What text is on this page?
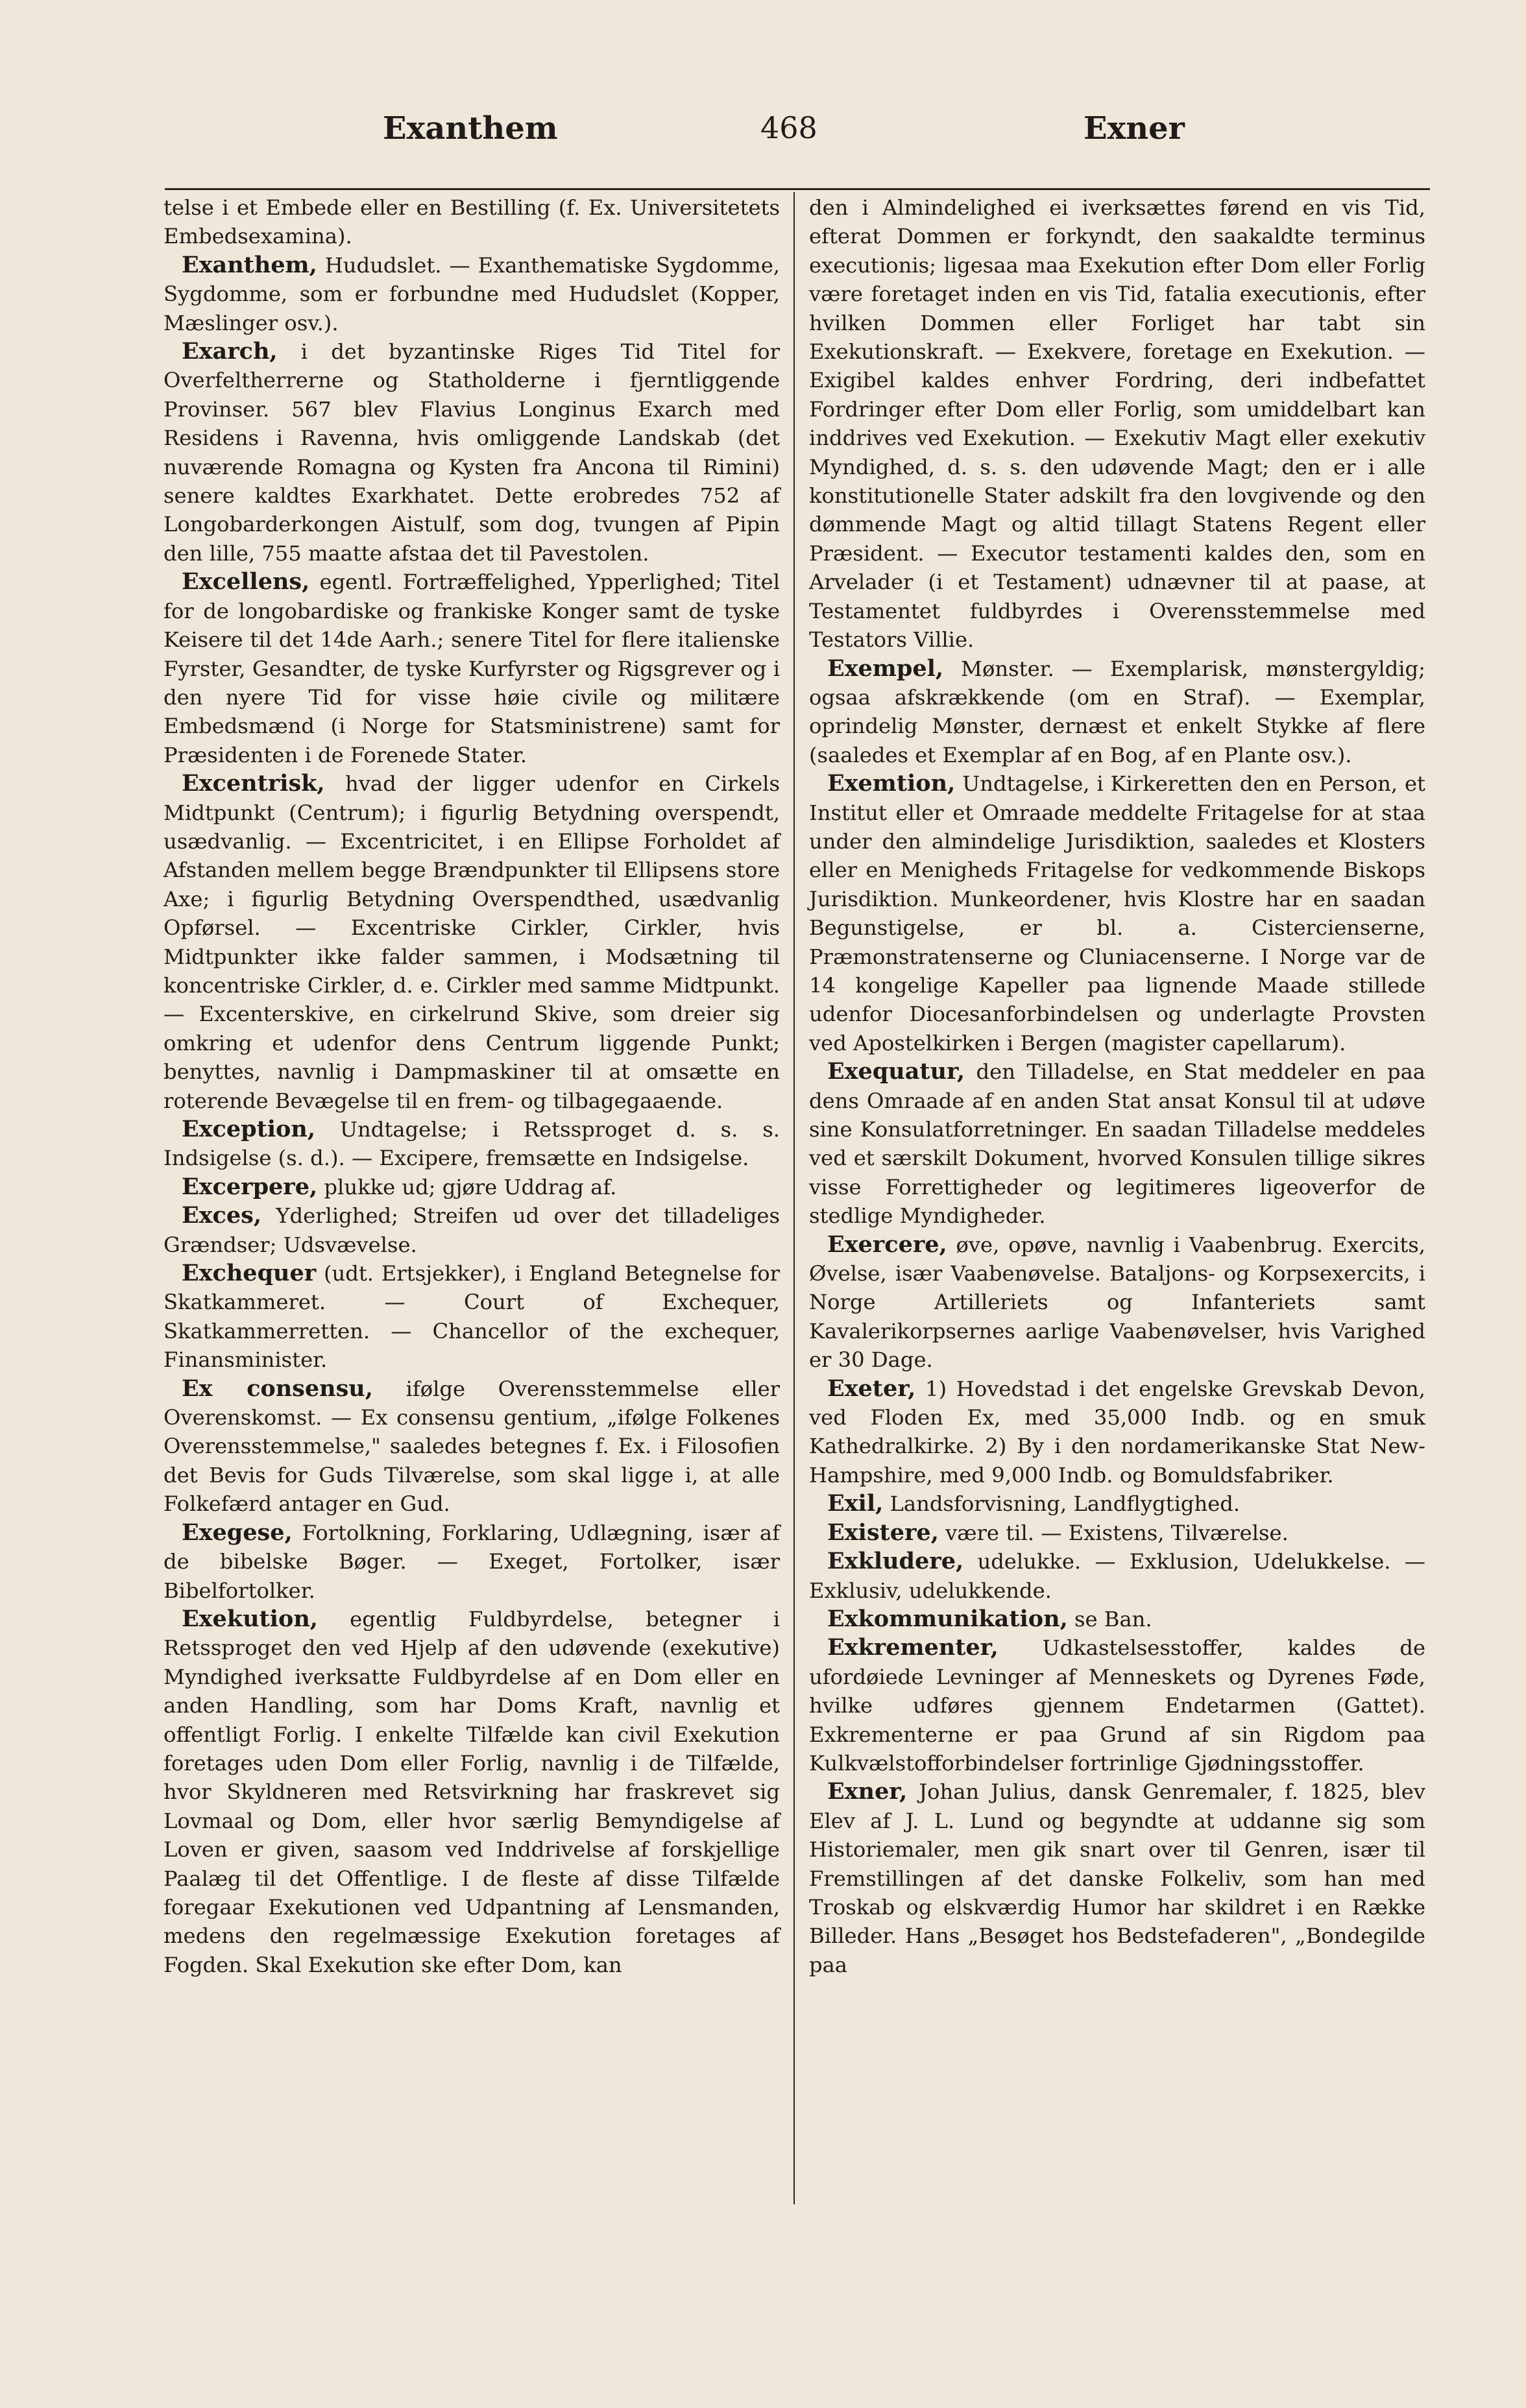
Exanthem	468	Exner

telse i et Embede eller en Bestilling (f. Ex. Universitetets Embedsexamina).

Exanthem, Hududslet. — Exanthematiske Sygdomme, Sygdomme, som er forbundne med Hududslet (Kopper, Mæslinger osv.).

Exarch, i det byzantinske Riges Tid Titel for Overfeltherrerne og Statholderne i fjerntliggende Provinser. 567 blev Flavius Longinus Exarch med Residens i Ravenna, hvis omliggende Landskab (det nuværende Romagna og Kysten fra Ancona til Rimini) senere kaldtes Exarkhatet. Dette erobredes 752 af Longobarderkongen Aistulf, som dog, tvungen af Pipin den lille, 755 maatte afstaa det til Pavestolen.

Excellens, egentl. Fortræffelighed, Ypperlighed; Titel for de longobardiske og frankiske Konger samt de tyske Keisere til det 14de Aarh.; senere Titel for flere italienske Fyrster, Gesandter, de tyske Kurfyrster og Rigsgrever og i den nyere Tid for visse høie civile og militære Embedsmænd (i Norge for Statsministrene) samt for Præsidenten i de Forenede Stater.

Excentrisk, hvad der ligger udenfor en Cirkels Midtpunkt (Centrum); i figurlig Betydning overspendt, usædvanlig. — Excentricitet, i en Ellipse Forholdet af Afstanden mellem begge Brændpunkter til Ellipsens store Axe; i figurlig Betydning Overspendthed, usædvanlig Opførsel. — Excentriske Cirkler, Cirkler, hvis Midtpunkter ikke falder sammen, i Modsætning til koncentriske Cirkler, d. e. Cirkler med samme Midtpunkt. — Excenterskive, en cirkelrund Skive, som dreier sig omkring et udenfor dens Centrum liggende Punkt; benyttes, navnlig i Dampmaskiner til at omsætte en roterende Bevægelse til en frem- og tilbagegaaende.

Exception, Undtagelse; i Retssproget d. s. s. Indsigelse (s. d.). — Excipere, fremsætte en Indsigelse.

Excerpere, plukke ud; gjøre Uddrag af.

Exces, Yderlighed; Streifen ud over det tilladeliges Grændser; Udsvævelse.

Exchequer (udt. Ertsjekker), i England Betegnelse for Skatkammeret. — Court of Exchequer, Skatkammerretten. — Chancellor of the exchequer, Finansminister.

Ex consensu, ifølge Overensstemmelse eller Overenskomst. — Ex consensu gentium, „ifølge Folkenes Overensstemmelse," saaledes betegnes f. Ex. i Filosofien det Bevis for Guds Tilværelse, som skal ligge i, at alle Folkefærd antager en Gud.

Exegese, Fortolkning, Forklaring, Udlægning, især af de bibelske Bøger. — Exeget, Fortolker, især Bibelfortolker.

Exekution, egentlig Fuldbyrdelse, betegner i Retssproget den ved Hjelp af den udøvende (exekutive) Myndighed iverksatte Fuldbyrdelse af en Dom eller en anden Handling, som har Doms Kraft, navnlig et offentligt Forlig. I enkelte Tilfælde kan civil Exekution foretages uden Dom eller Forlig, navnlig i de Tilfælde, hvor Skyldneren med Retsvirkning har fraskrevet sig Lovmaal og Dom, eller hvor særlig Bemyndigelse af Loven er given, saasom ved Inddrivelse af forskjellige Paalæg til det Offentlige. I de fleste af disse Tilfælde foregaar Exekutionen ved Udpantning af Lensmanden, medens den regelmæssige Exekution foretages af Fogden. Skal Exekution ske efter Dom, kan

den i Almindelighed ei iverksættes førend en vis Tid, efterat Dommen er forkyndt, den saakaldte terminus executionis; ligesaa maa Exekution efter Dom eller Forlig være foretaget inden en vis Tid, fatalia executionis, efter hvilken Dommen eller Forliget har tabt sin Exekutionskraft. — Exekvere, foretage en Exekution. — Exigibel kaldes enhver Fordring, deri indbefattet Fordringer efter Dom eller Forlig, som umiddelbart kan inddrives ved Exekution. — Exekutiv Magt eller exekutiv Myndighed, d. s. s. den udøvende Magt; den er i alle konstitutionelle Stater adskilt fra den lovgivende og den dømmende Magt og altid tillagt Statens Regent eller Præsident. — Executor testamenti kaldes den, som en Arvelader (i et Testament) udnævner til at paase, at Testamentet fuldbyrdes i Overensstemmelse med Testators Villie.

Exempel, Mønster. — Exemplarisk, mønstergyldig; ogsaa afskrækkende (om en Straf). — Exemplar, oprindelig Mønster, dernæst et enkelt Stykke af flere (saaledes et Exemplar af en Bog, af en Plante osv.).

Exemtion, Undtagelse, i Kirkeretten den en Person, et Institut eller et Omraade meddelte Fritagelse for at staa under den almindelige Jurisdiktion, saaledes et Klosters eller en Menigheds Fritagelse for vedkommende Biskops Jurisdiktion. Munkeordener, hvis Klostre har en saadan Begunstigelse, er bl. a. Cistercienserne, Præmonstratenserne og Cluniacenserne. I Norge var de 14 kongelige Kapeller paa lignende Maade stillede udenfor Diocesanforbindelsen og underlagte Provsten ved Apostelkirken i Bergen (magister capellarum).

Exequatur, den Tilladelse, en Stat meddeler en paa dens Omraade af en anden Stat ansat Konsul til at udøve sine Konsulatforretninger. En saadan Tilladelse meddeles ved et særskilt Dokument, hvorved Konsulen tillige sikres visse Forrettigheder og legitimeres ligeoverfor de stedlige Myndigheder.

Exercere, øve, opøve, navnlig i Vaabenbrug. Exercits, Øvelse, især Vaabenøvelse. Bataljons- og Korpsexercits, i Norge Artilleriets og Infanteriets samt Kavalerikorpsernes aarlige Vaabenøvelser, hvis Varighed er 30 Dage.

Exeter, 1) Hovedstad i det engelske Grevskab Devon, ved Floden Ex, med 35,000 Indb. og en smuk Kathedralkirke. 2) By i den nordamerikanske Stat New-Hampshire, med 9,000 Indb. og Bomuldsfabriker.

Exil, Landsforvisning, Landflygtighed.

Existere, være til. — Existens, Tilværelse.

Exkludere, udelukke. — Exklusion, Udelukkelse. — Exklusiv, udelukkende.

Exkommunikation, se Ban.

Exkrementer, Udkastelsesstoffer, kaldes de ufordøiede Levninger af Menneskets og Dyrenes Føde, hvilke udføres gjennem Endetarmen (Gattet). Exkrementerne er paa Grund af sin Rigdom paa Kulkvælstofforbindelser fortrinlige Gjødningsstoffer.

Exner, Johan Julius, dansk Genremaler, f. 1825, blev Elev af J. L. Lund og begyndte at uddanne sig som Historiemaler, men gik snart over til Genren, især til Fremstillingen af det danske Folkeliv, som han med Troskab og elskværdig Humor har skildret i en Række Billeder. Hans „Besøget hos Bedstefaderen", „Bondegilde paa
